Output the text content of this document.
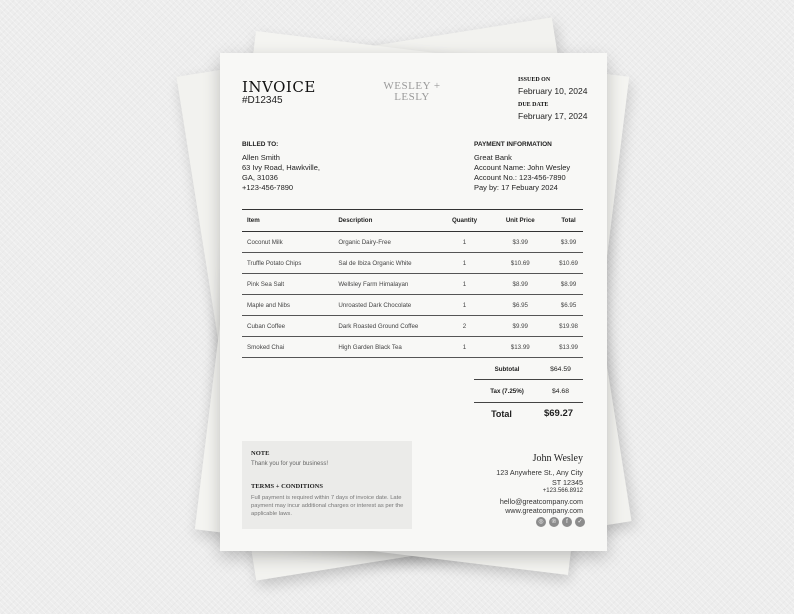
INVOICE
#D12345
WESLEY +
LESLY
ISSUED ON
February 10, 2024
DUE DATE
February 17, 2024
BILLED TO:
Allen Smith
63 Ivy Road, Hawkville,
GA, 31036
+123-456-7890
PAYMENT INFORMATION
Great Bank
Account Name: John Wesley
Account No.: 123-456-7890
Pay by: 17 Febuary 2024
Item	Description	Quantity	Unit Price	Total
Coconut Milk	Organic Dairy-Free	1	$3.99	$3.99
Truffle Potato Chips	Sal de Ibiza Organic White	1	$10.69	$10.69
Pink Sea Salt	Wellsley Farm Himalayan	1	$8.99	$8.99
Maple and Nibs	Unroasted Dark Chocolate	1	$6.95	$6.95
Cuban Coffee	Dark Roasted Ground Coffee	2	$9.99	$19.98
Smoked Chai	High Garden Black Tea	1	$13.99	$13.99
Subtotal	$64.59
Tax (7.25%)	$4.68
Total	$69.27
NOTE
Thank you for your business!
TERMS + CONDITIONS
Full payment is required within 7 days of invoice date. Late payment may incur additional charges or interest as per the applicable laws.
John Wesley
123 Anywhere St., Any City
ST 12345
+123.566.8912
hello@greatcompany.com
www.greatcompany.com
◎	℗	f	✓
